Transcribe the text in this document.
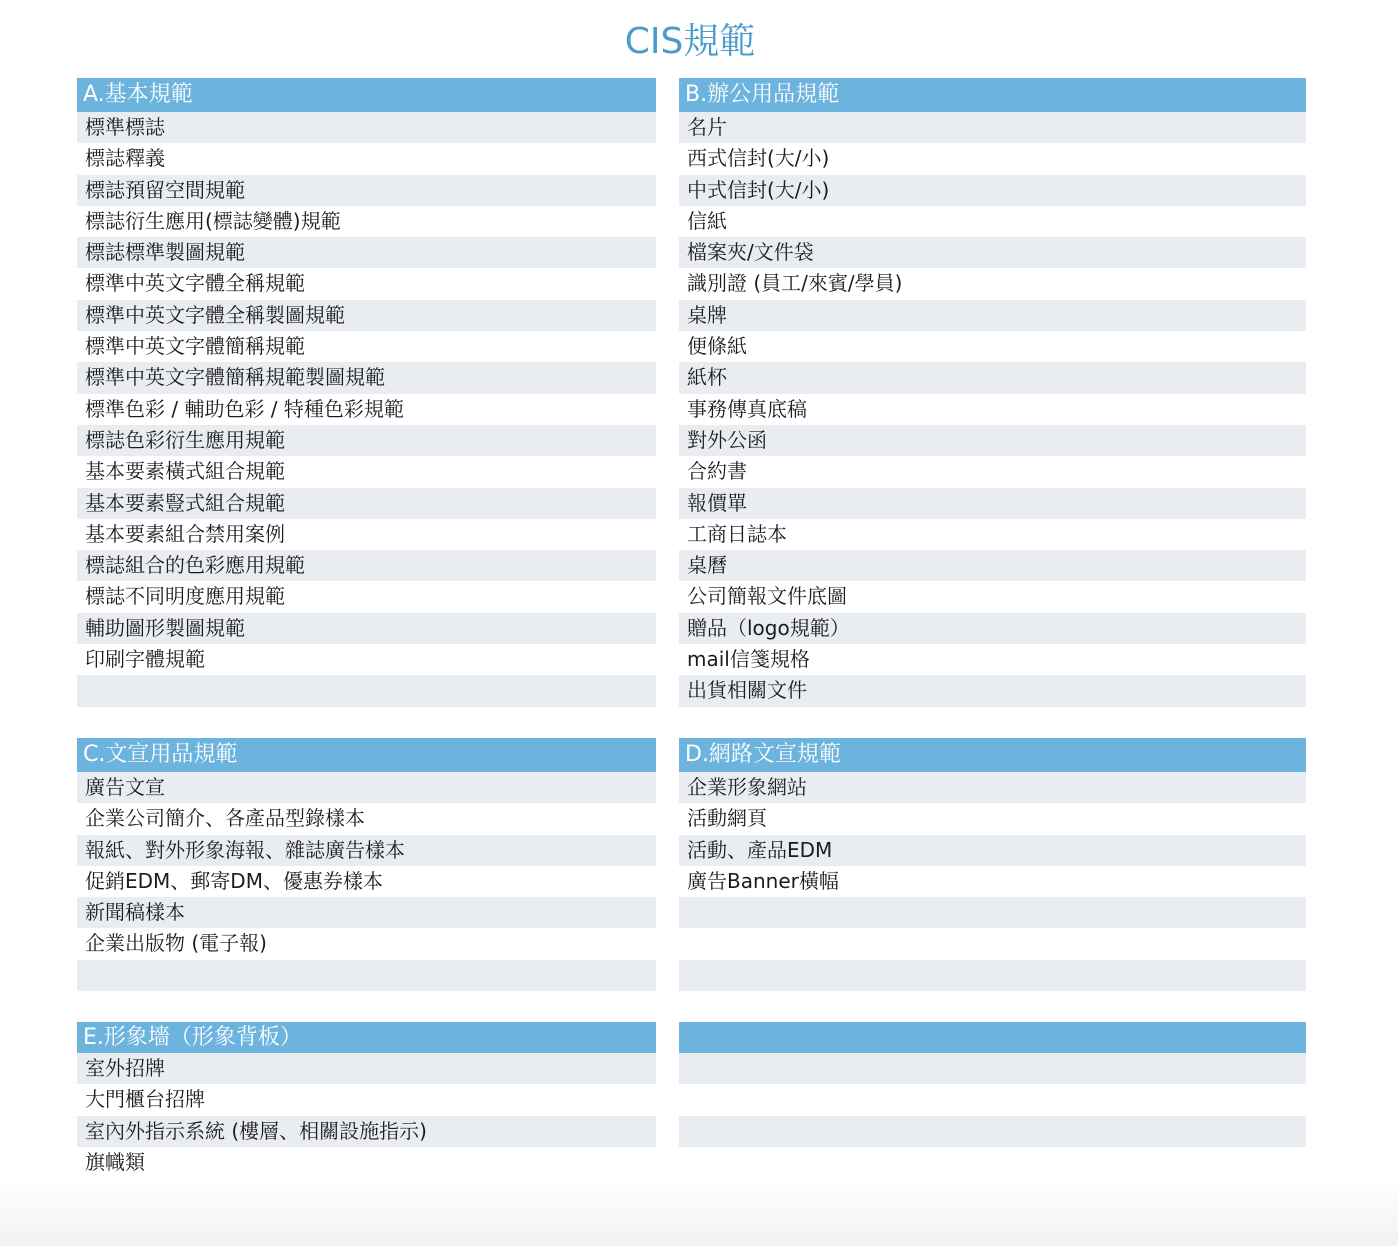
CIS規範
A.基本規範
標準標誌
標誌釋義
標誌預留空間規範
標誌衍生應用(標誌變體)規範
標誌標準製圖規範
標準中英文字體全稱規範
標準中英文字體全稱製圖規範
標準中英文字體簡稱規範
標準中英文字體簡稱規範製圖規範
標準色彩 / 輔助色彩 / 特種色彩規範
標誌色彩衍生應用規範
基本要素橫式組合規範
基本要素豎式組合規範
基本要素組合禁用案例
標誌組合的色彩應用規範
標誌不同明度應用規範
輔助圖形製圖規範
印刷字體規範
B.辦公用品規範
名片
西式信封(大/小)
中式信封(大/小)
信紙
檔案夾/文件袋
識別證 (員工/來賓/學員)
桌牌
便條紙
紙杯
事務傳真底稿
對外公函
合約書
報價單
工商日誌本
桌曆
公司簡報文件底圖
贈品（logo規範）
mail信箋規格
出貨相關文件
C.文宣用品規範
廣告文宣
企業公司簡介、各產品型錄樣本
報紙、對外形象海報、雜誌廣告樣本
促銷EDM、郵寄DM、優惠券樣本
新聞稿樣本
企業出版物 (電子報)
D.網路文宣規範
企業形象網站
活動網頁
活動、產品EDM
廣告Banner橫幅
E.形象墻（形象背板）
室外招牌
大門櫃台招牌
室內外指示系統 (樓層、相關設施指示)
旗幟類
